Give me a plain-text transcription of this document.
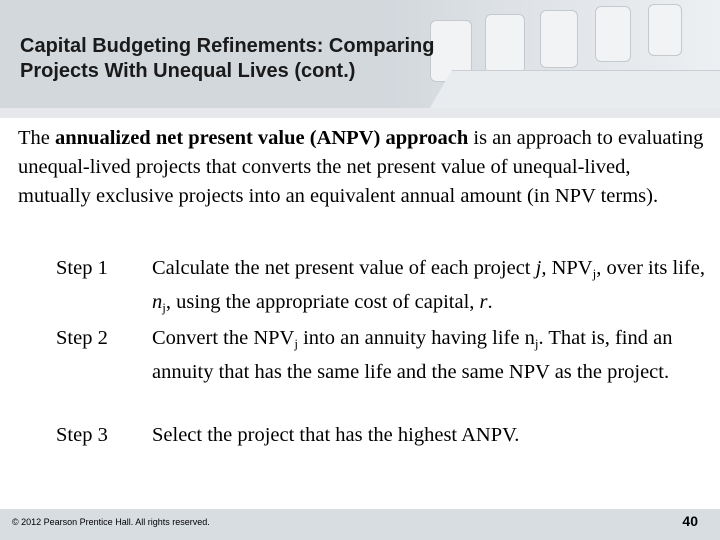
Capital Budgeting Refinements: Comparing
Projects With Unequal Lives (cont.)

The annualized net present value (ANPV) approach is an approach to evaluating unequal-lived projects that converts the net present value of unequal-lived, mutually exclusive projects into an equivalent annual amount (in NPV terms).

Step 1	Calculate the net present value of each project j, $NPV_j$, over its life, $n_j$, using the appropriate cost of capital, r.
Step 2	Convert the $NPV_j$ into an annuity having life $n_j$. That is, find an annuity that has the same life and the same NPV as the project.
Step 3	Select the project that has the highest ANPV.
© 2012 Pearson Prentice Hall. All rights reserved.	40
